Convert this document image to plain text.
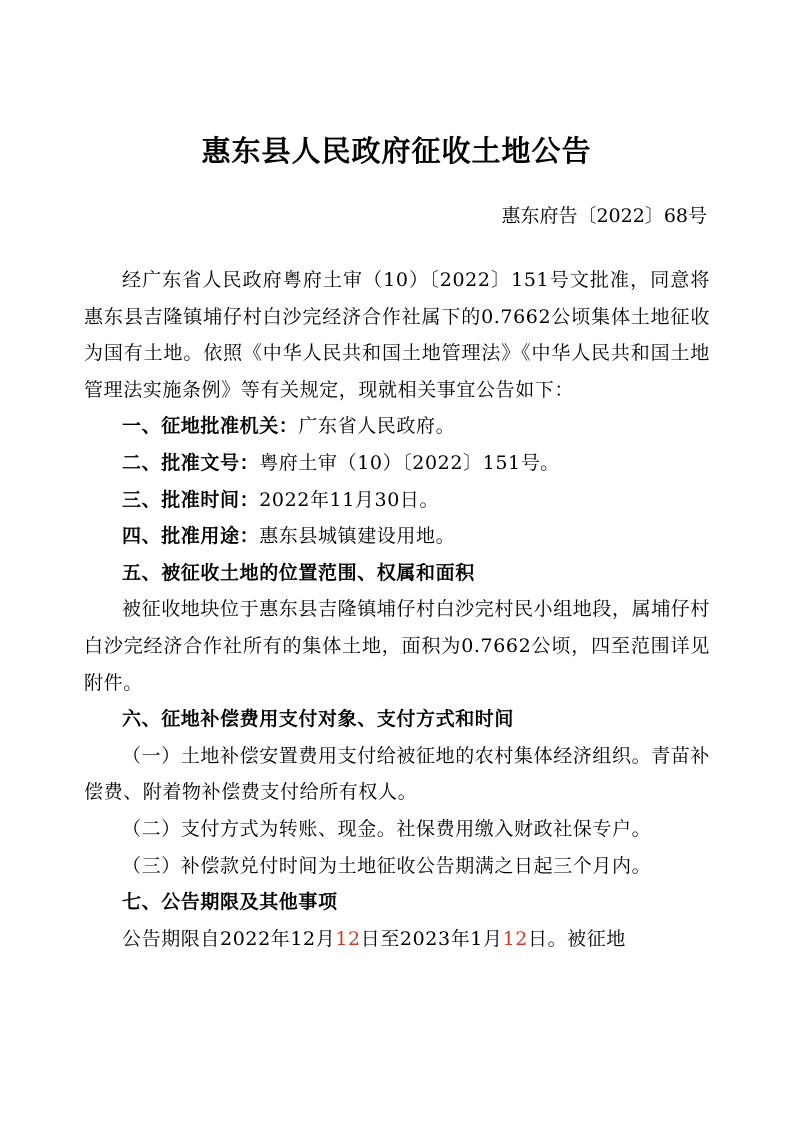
惠东县人民政府征收土地公告
惠东府告〔2022〕68号

经广东省人民政府粤府土审（10）〔2022〕151号文批准，同意将惠东县吉隆镇埔仔村白沙完经济合作社属下的0.7662公顷集体土地征收为国有土地。依照《中华人民共和国土地管理法》《中华人民共和国土地管理法实施条例》等有关规定，现就相关事宜公告如下：

一、征地批准机关：广东省人民政府。

二、批准文号：粤府土审（10）〔2022〕151号。

三、批准时间：2022年11月30日。

四、批准用途：惠东县城镇建设用地。

五、被征收土地的位置范围、权属和面积

被征收地块位于惠东县吉隆镇埔仔村白沙完村民小组地段，属埔仔村白沙完经济合作社所有的集体土地，面积为0.7662公顷，四至范围详见附件。

六、征地补偿费用支付对象、支付方式和时间

（一）土地补偿安置费用支付给被征地的农村集体经济组织。青苗补偿费、附着物补偿费支付给所有权人。

（二）支付方式为转账、现金。社保费用缴入财政社保专户。

（三）补偿款兑付时间为土地征收公告期满之日起三个月内。

七、公告期限及其他事项

公告期限自2022年12月12日至2023年1月12日。被征地
